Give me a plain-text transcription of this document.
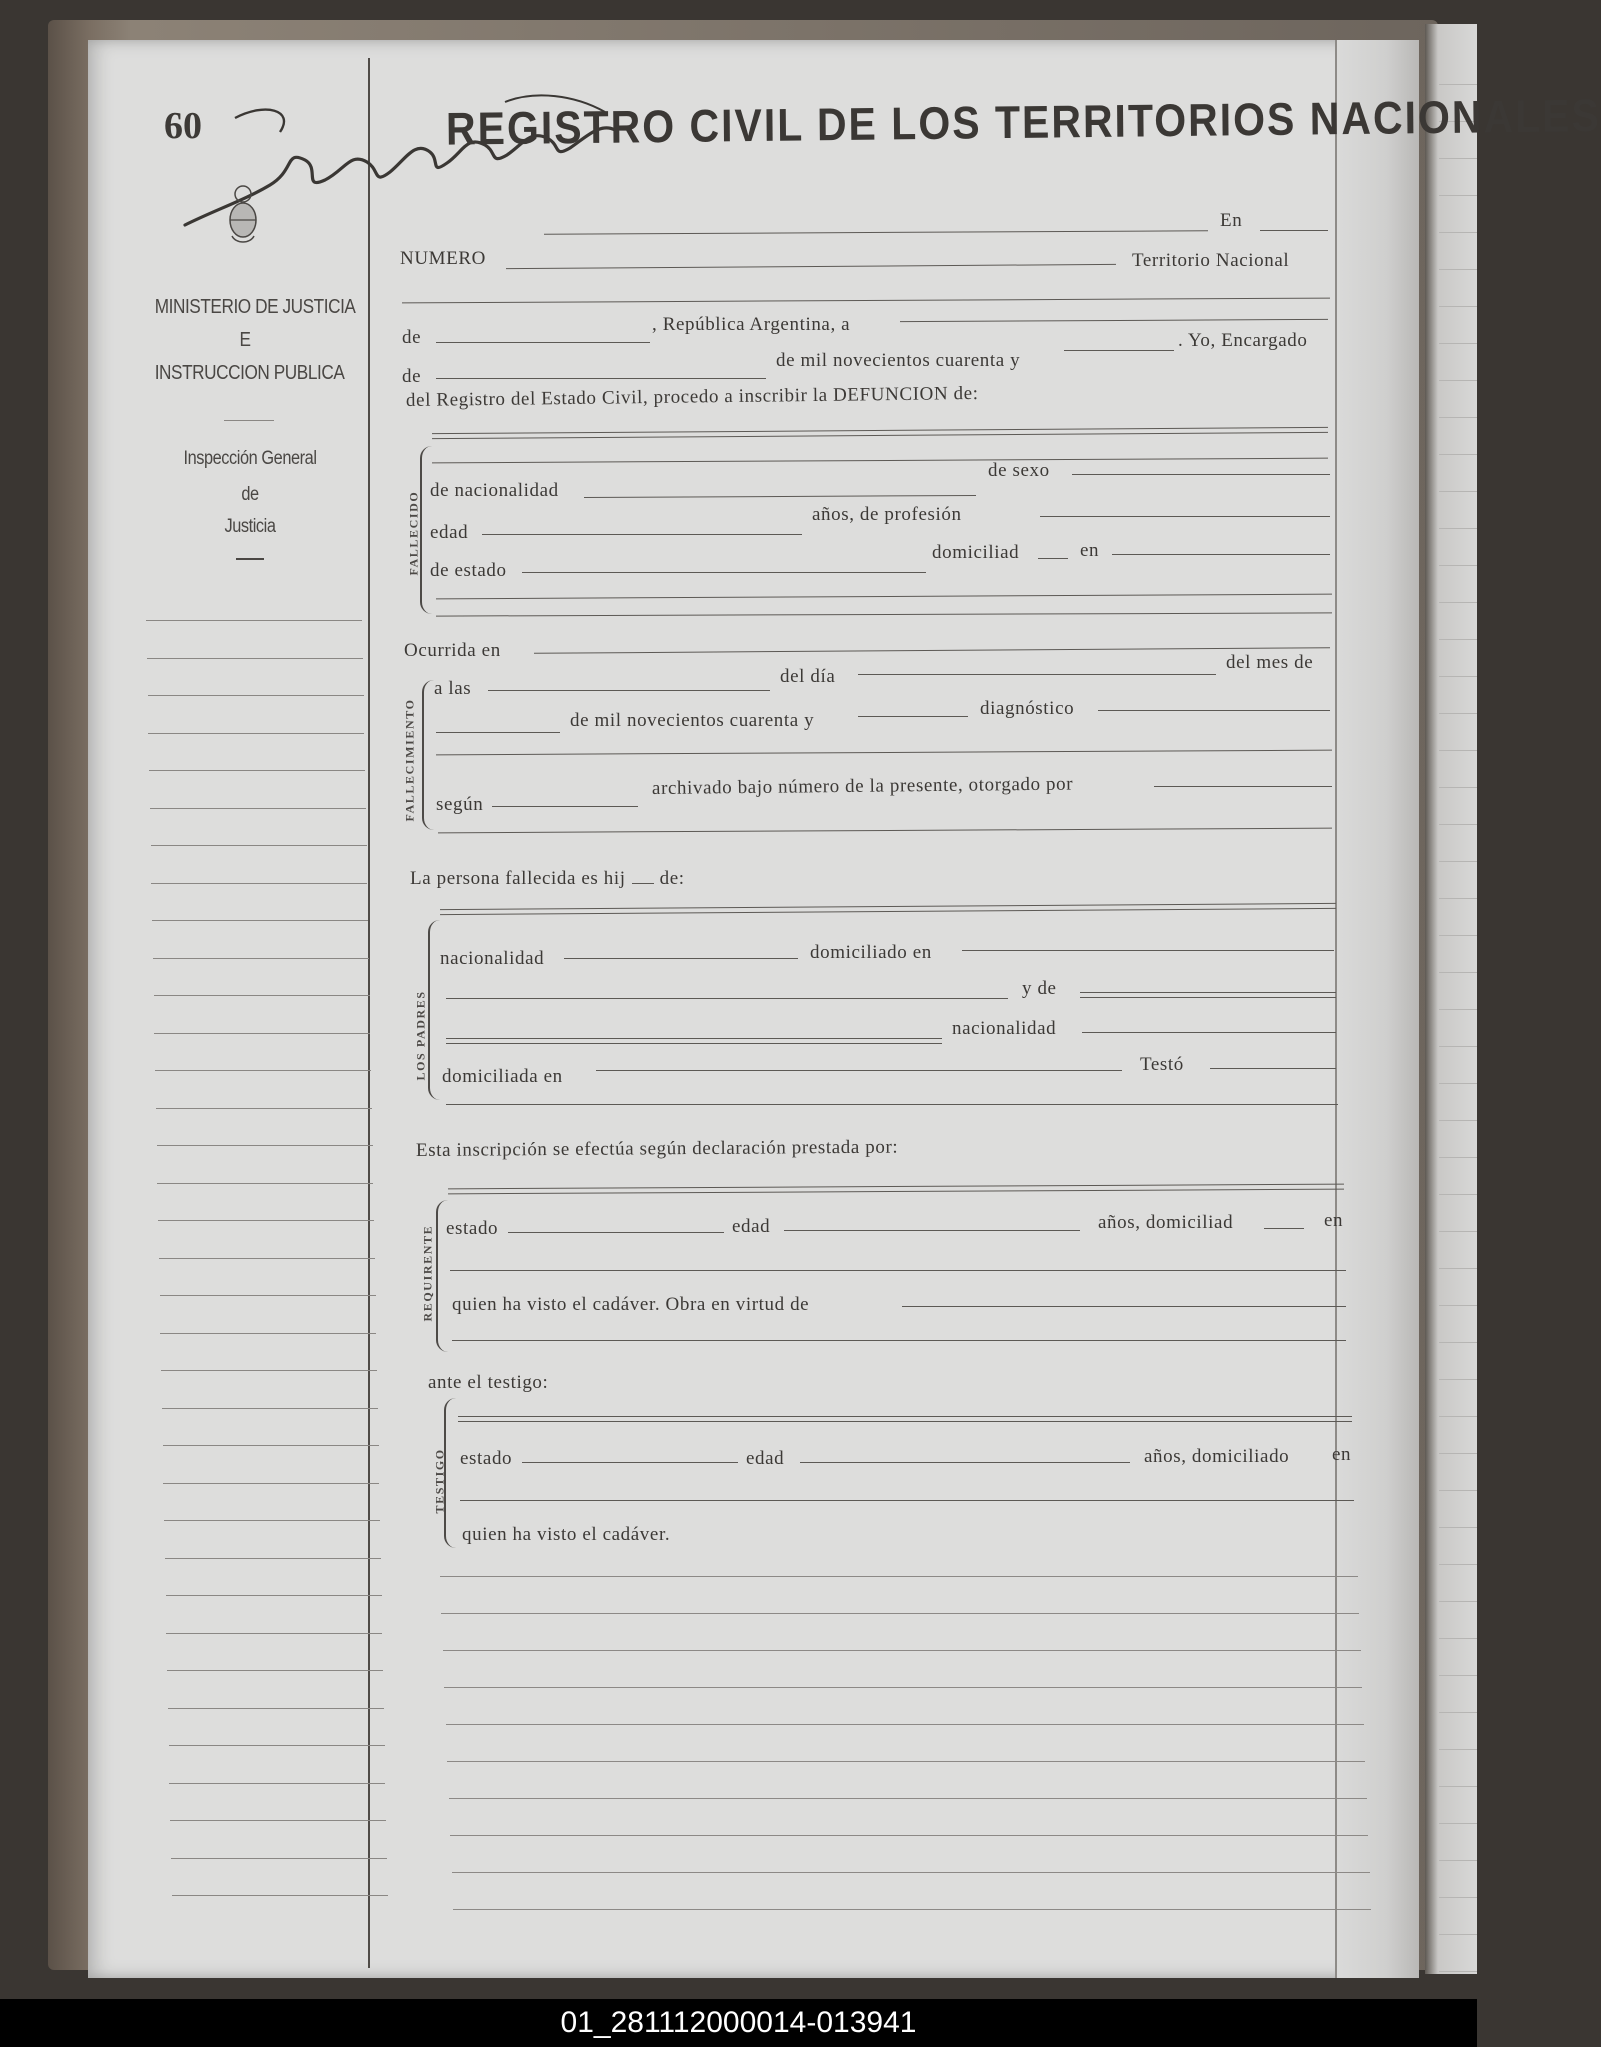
60	REGISTRO CIVIL DE LOS TERRITORIOS NACIONALES
MINISTERIO DE JUSTICIA
E
INSTRUCCION PUBLICA
Inspección General
de
Justicia
En
NUMERO	Territorio Nacional
de
, República Argentina, a
de
de mil novecientos cuarenta y
. Yo, Encargado
del Registro del Estado Civil, procedo a inscribir la DEFUNCION de:
FALLECIDO
de nacionalidad
de sexo
edad
años, de profesión
de estado
domiciliad	en
Ocurrida en
FALLECIMIENTO
a las
del día
del mes de
de mil novecientos cuarenta y
diagnóstico
según
archivado bajo número de la presente, otorgado por
La persona fallecida es hij de:
LOS PADRES
nacionalidad	domiciliado en
y de
nacionalidad
domiciliada en
Testó
Esta inscripción se efectúa según declaración prestada por:
REQUIRENTE estado	edad	años, domiciliad	en
quien ha visto el cadáver. Obra en virtud de
ante el testigo:
TESTIGO estado	edad	años, domiciliado en
quien ha visto el cadáver.
01_281112000014-013941
